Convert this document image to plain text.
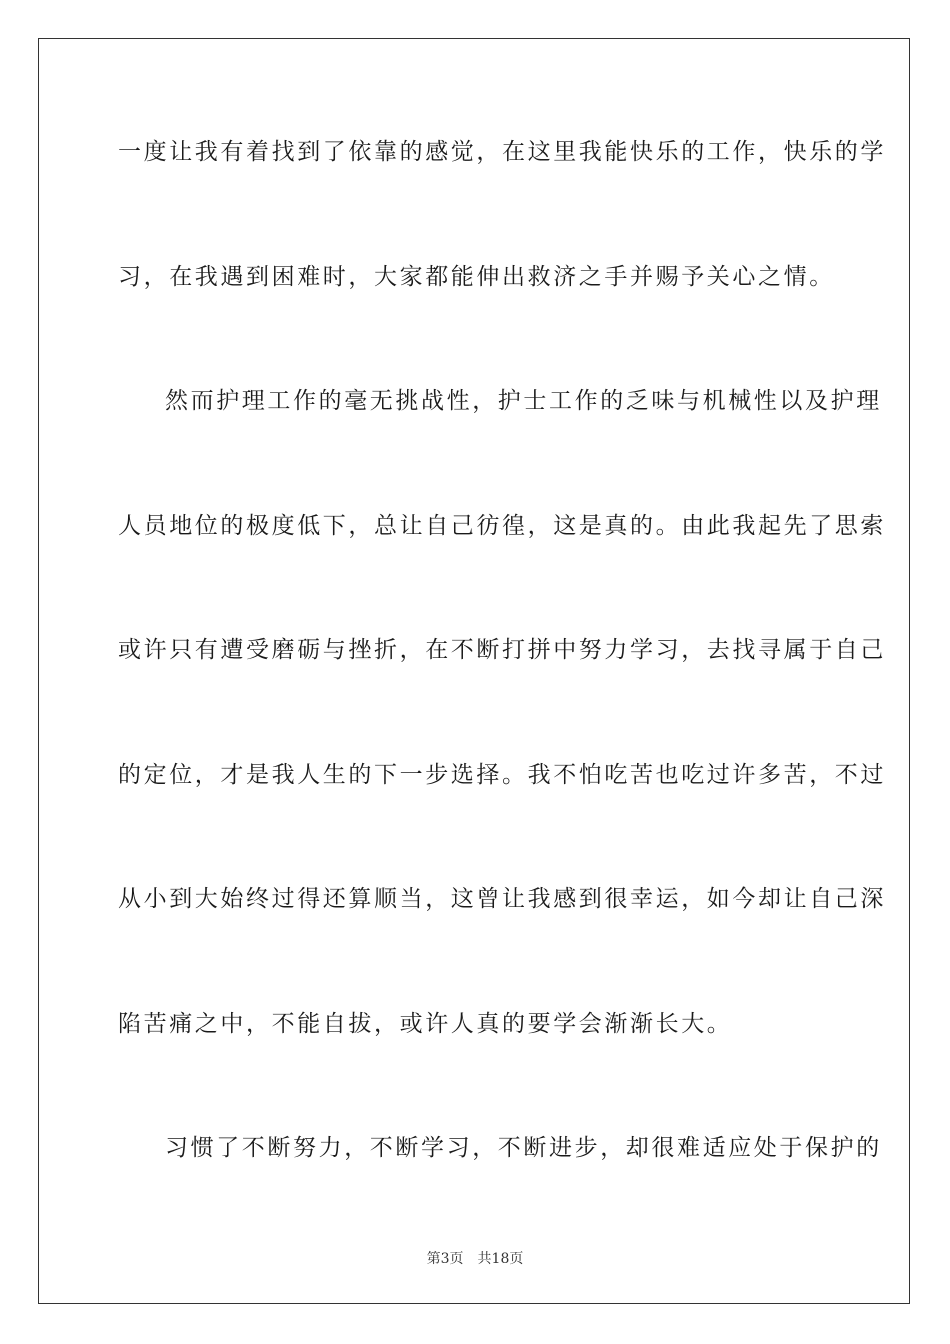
一度让我有着找到了依靠的感觉，在这里我能快乐的工作，快乐的学
习，在我遇到困难时，大家都能伸出救济之手并赐予关心之情。
然而护理工作的毫无挑战性，护士工作的乏味与机械性以及护理
人员地位的极度低下，总让自己彷徨，这是真的。由此我起先了思索
或许只有遭受磨砺与挫折，在不断打拼中努力学习，去找寻属于自己
的定位，才是我人生的下一步选择。我不怕吃苦也吃过许多苦，不过
从小到大始终过得还算顺当，这曾让我感到很幸运，如今却让自己深
陷苦痛之中，不能自拔，或许人真的要学会渐渐长大。
习惯了不断努力，不断学习，不断进步，却很难适应处于保护的
第3页 共18页
